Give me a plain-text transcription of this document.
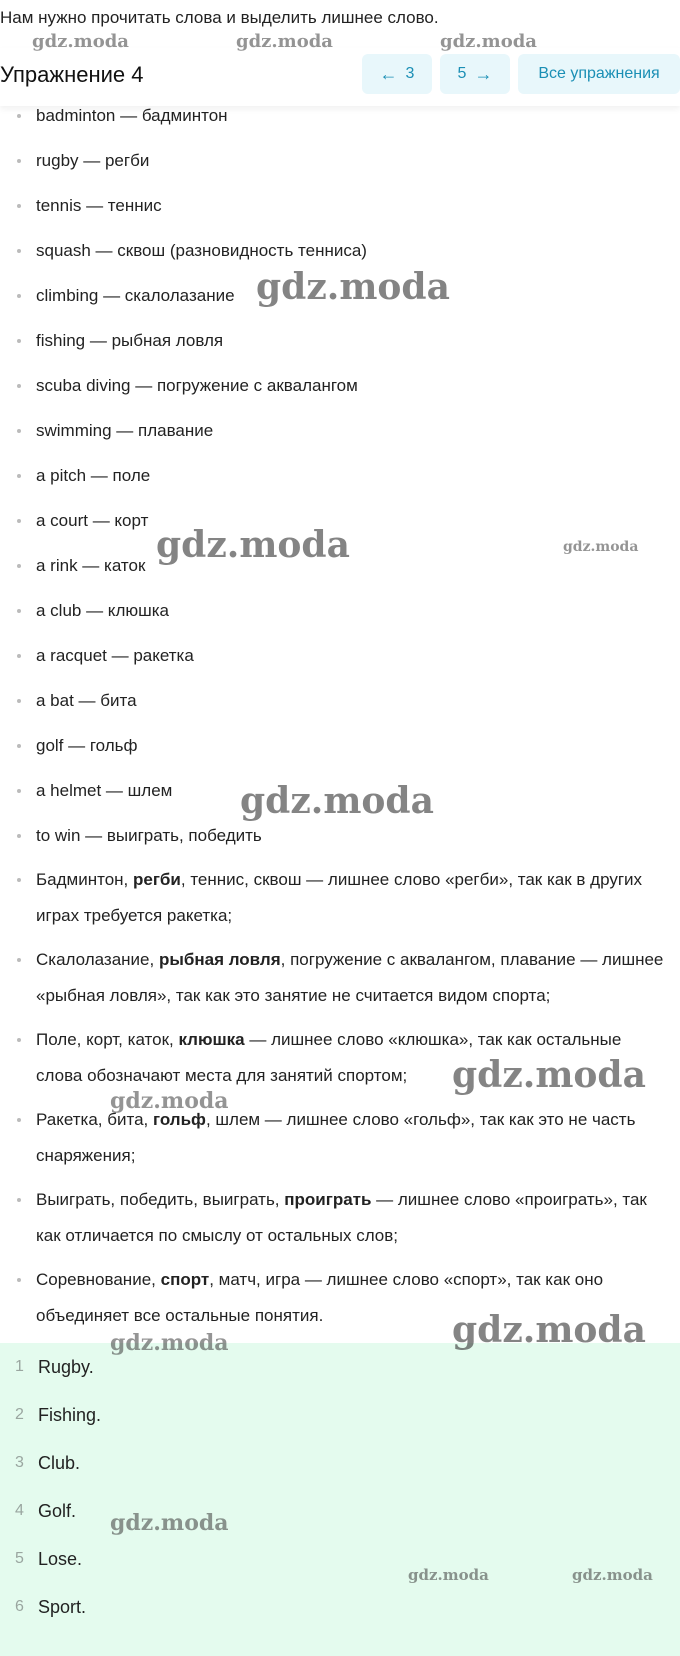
Нам нужно прочитать слова и выделить лишнее слово.
badminton — бадминтон
rugby — регби
tennis — теннис
squash — сквош (разновидность тенниса)
climbing — скалолазание
fishing — рыбная ловля
scuba diving — погружение с аквалангом
swimming — плавание
a pitch — поле
a court — корт
a rink — каток
a club — клюшка
a racquet — ракетка
a bat — бита
golf — гольф
a helmet — шлем
to win — выиграть, победить
Упражнение 4	← 3	5 →	Все упражнения
Бадминтон, регби, теннис, сквош — лишнее слово «регби», так как в других играх требуется ракетка;
Скалолазание, рыбная ловля, погружение с аквалангом, плавание — лишнее «рыбная ловля», так как это занятие не считается видом спорта;
Поле, корт, каток, клюшка — лишнее слово «клюшка», так как остальные слова обозначают места для занятий спортом;
Ракетка, бита, гольф, шлем — лишнее слово «гольф», так как это не часть снаряжения;
Выиграть, победить, выиграть, проиграть — лишнее слово «проиграть», так как отличается по смыслу от остальных слов;
Соревнование, спорт, матч, игра — лишнее слово «спорт», так как оно объединяет все остальные понятия.
1 Rugby.
2 Fishing.
3 Club.
4 Golf.
5 Lose.
6 Sport.
gdz.moda	gdz.moda	gdz.moda
gdz.moda
gdz.moda	gdz.moda
gdz.moda
gdz.moda
gdz.moda
gdz.moda
gdz.moda
gdz.moda
gdz.moda	gdz.moda
